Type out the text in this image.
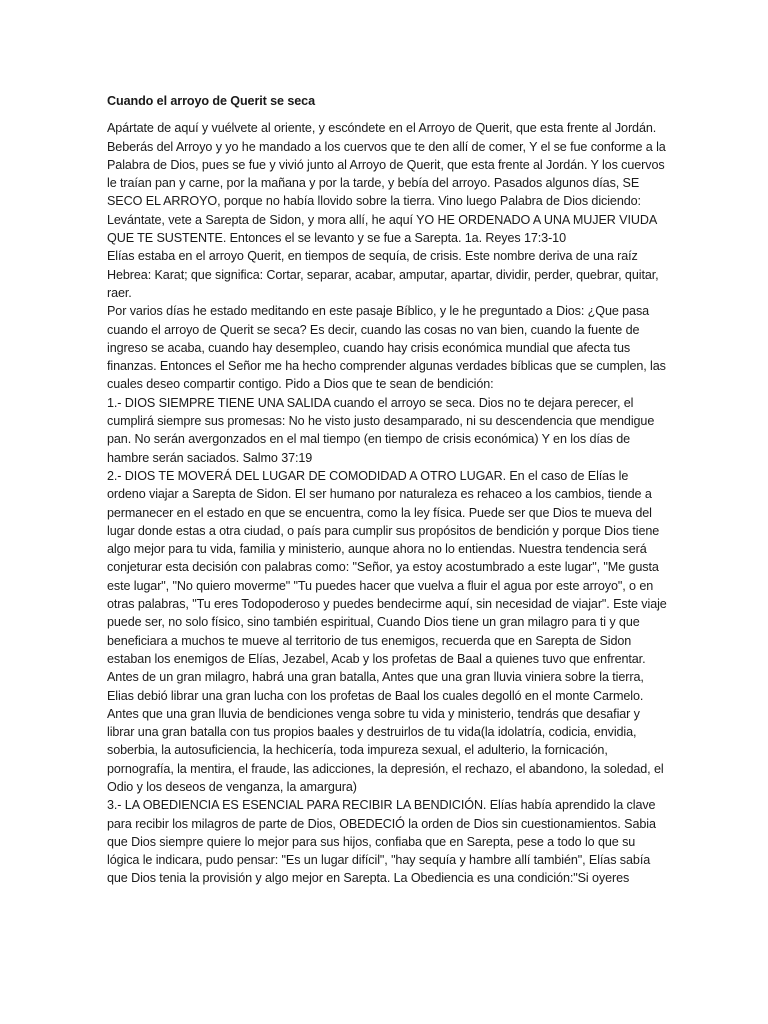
Cuando el arroyo de Querit se seca

Apártate de aquí y vuélvete al oriente, y escóndete en el Arroyo de Querit, que esta frente al Jordán.

Beberás del Arroyo y yo he mandado a los cuervos que te den allí de comer, Y el se fue conforme a la Palabra de Dios, pues se fue y vivió junto al Arroyo de Querit, que esta frente al Jordán. Y los cuervos le traían pan y carne, por la mañana y por la tarde, y bebía del arroyo. Pasados algunos días, SE SECO EL ARROYO, porque no había llovido sobre la tierra. Vino luego Palabra de Dios diciendo: Levántate, vete a Sarepta de Sidon, y mora allí, he aquí YO HE ORDENADO A UNA MUJER VIUDA QUE TE SUSTENTE. Entonces el se levanto y se fue a Sarepta. 1a. Reyes 17:3-10

Elías estaba en el arroyo Querit, en tiempos de sequía, de crisis. Este nombre deriva de una raíz Hebrea: Karat; que significa: Cortar, separar, acabar, amputar, apartar, dividir, perder, quebrar, quitar, raer.

Por varios días he estado meditando en este pasaje Bíblico, y le he preguntado a Dios: ¿Que pasa cuando el arroyo de Querit se seca? Es decir, cuando las cosas no van bien, cuando la fuente de ingreso se acaba, cuando hay desempleo, cuando hay crisis económica mundial que afecta tus finanzas. Entonces el Señor me ha hecho comprender algunas verdades bíblicas que se cumplen, las cuales deseo compartir contigo. Pido a Dios que te sean de bendición:

1.- DIOS SIEMPRE TIENE UNA SALIDA cuando el arroyo se seca. Dios no te dejara perecer, el cumplirá siempre sus promesas: No he visto justo desamparado, ni su descendencia que mendigue pan. No serán avergonzados en el mal tiempo (en tiempo de crisis económica) Y en los días de hambre serán saciados. Salmo 37:19

2.- DIOS TE MOVERÁ DEL LUGAR DE COMODIDAD A OTRO LUGAR. En el caso de Elías le ordeno viajar a Sarepta de Sidon. El ser humano por naturaleza es rehaceo a los cambios, tiende a permanecer en el estado en que se encuentra, como la ley física. Puede ser que Dios te mueva del lugar donde estas a otra ciudad, o país para cumplir sus propósitos de bendición y porque Dios tiene algo mejor para tu vida, familia y ministerio, aunque ahora no lo entiendas. Nuestra tendencia será conjeturar esta decisión con palabras como: "Señor, ya estoy acostumbrado a este lugar", "Me gusta este lugar", "No quiero moverme" "Tu puedes hacer que vuelva a fluir el agua por este arroyo", o en otras palabras, "Tu eres Todopoderoso y puedes bendecirme aquí, sin necesidad de viajar". Este viaje puede ser, no solo físico, sino también espiritual, Cuando Dios tiene un gran milagro para ti y que beneficiara a muchos te mueve al territorio de tus enemigos, recuerda que en Sarepta de Sidon estaban los enemigos de Elías, Jezabel, Acab y los profetas de Baal a quienes tuvo que enfrentar. Antes de un gran milagro, habrá una gran batalla, Antes que una gran lluvia viniera sobre la tierra, Elias debió librar una gran lucha con los profetas de Baal los cuales degolló en el monte Carmelo. Antes que una gran lluvia de bendiciones venga sobre tu vida y ministerio, tendrás que desafiar y librar una gran batalla con tus propios baales y destruirlos de tu vida(la idolatría, codicia, envidia, soberbia, la autosuficiencia, la hechicería, toda impureza sexual, el adulterio, la fornicación, pornografía, la mentira, el fraude, las adicciones, la depresión, el rechazo, el abandono, la soledad, el Odio y los deseos de venganza, la amargura)

3.- LA OBEDIENCIA ES ESENCIAL PARA RECIBIR LA BENDICIÓN. Elías había aprendido la clave para recibir los milagros de parte de Dios, OBEDECIÓ la orden de Dios sin cuestionamientos. Sabia que Dios siempre quiere lo mejor para sus hijos, confiaba que en Sarepta, pese a todo lo que su lógica le indicara, pudo pensar: "Es un lugar difícil", "hay sequía y hambre allí también", Elías sabía que Dios tenia la provisión y algo mejor en Sarepta. La Obediencia es una condición:"Si oyeres
